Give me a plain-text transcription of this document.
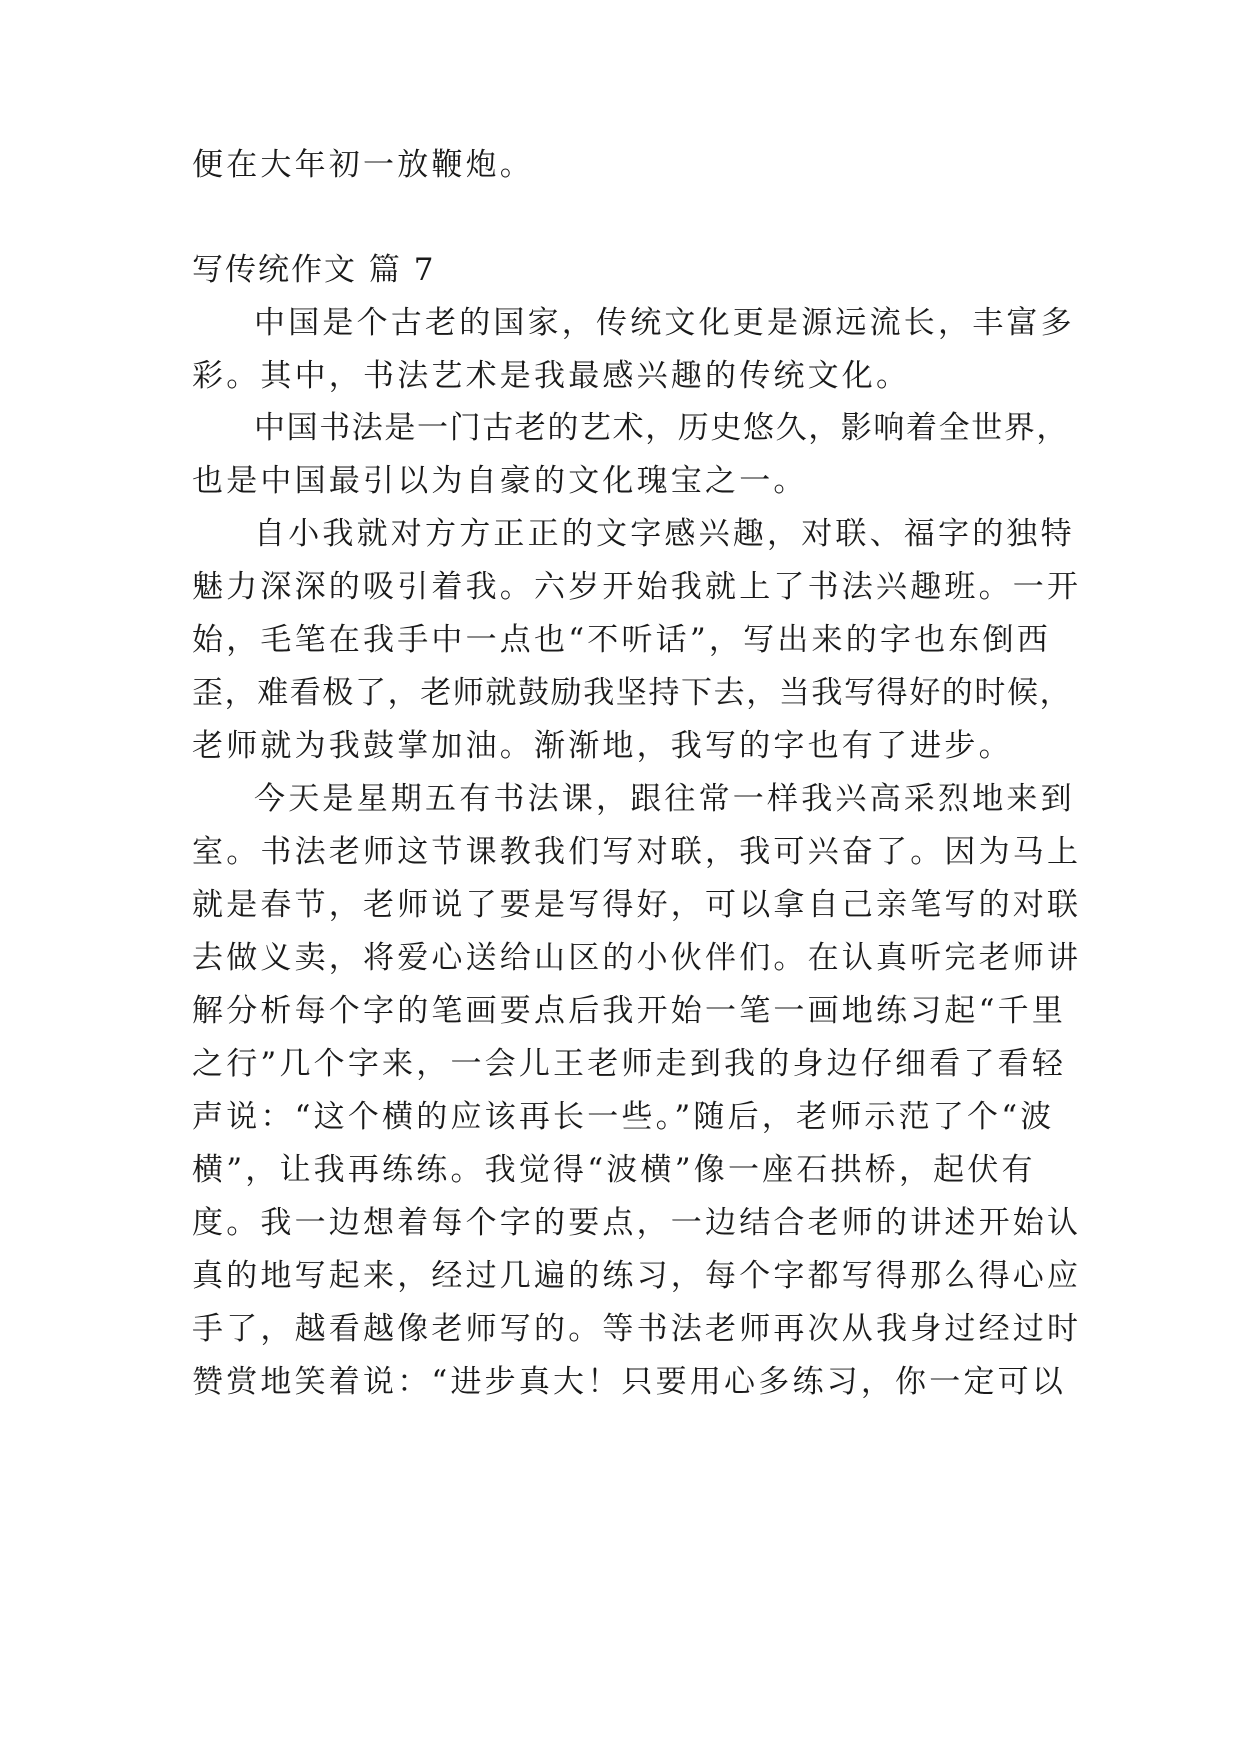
便在大年初一放鞭炮。
写传统作文 篇 7
中国是个古老的国家，传统文化更是源远流长，丰富多
彩。其中，书法艺术是我最感兴趣的传统文化。
中国书法是一门古老的艺术，历史悠久，影响着全世界，
也是中国最引以为自豪的文化瑰宝之一。
自小我就对方方正正的文字感兴趣，对联、福字的独特
魅力深深的吸引着我。六岁开始我就上了书法兴趣班。一开
始，毛笔在我手中一点也“不听话”，写出来的字也东倒西
歪，难看极了，老师就鼓励我坚持下去，当我写得好的时候，
老师就为我鼓掌加油。渐渐地，我写的字也有了进步。
今天是星期五有书法课，跟往常一样我兴高采烈地来到
室。书法老师这节课教我们写对联，我可兴奋了。因为马上
就是春节，老师说了要是写得好，可以拿自己亲笔写的对联
去做义卖，将爱心送给山区的小伙伴们。在认真听完老师讲
解分析每个字的笔画要点后我开始一笔一画地练习起“千里
之行”几个字来，一会儿王老师走到我的身边仔细看了看轻
声说：“这个横的应该再长一些。”随后，老师示范了个“波
横”，让我再练练。我觉得“波横”像一座石拱桥，起伏有
度。我一边想着每个字的要点，一边结合老师的讲述开始认
真的地写起来，经过几遍的练习，每个字都写得那么得心应
手了，越看越像老师写的。等书法老师再次从我身过经过时
赞赏地笑着说：“进步真大！只要用心多练习，你一定可以
